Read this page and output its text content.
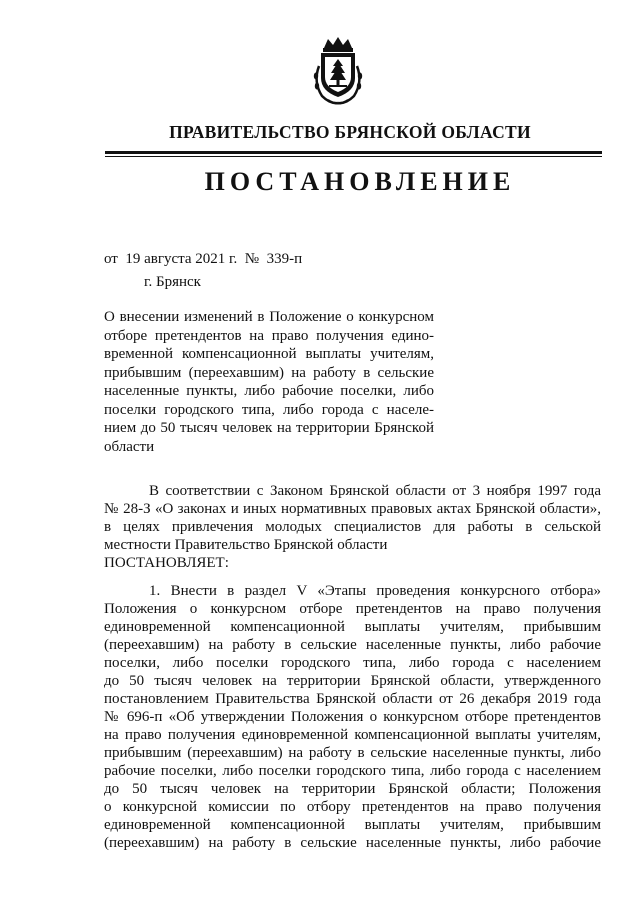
ПРАВИТЕЛЬСТВО БРЯНСКОЙ ОБЛАСТИ
ПОСТАНОВЛЕНИЕ
от  19 августа 2021 г.  №  339-п
г. Брянск
О внесении изменений в Положение о конкурсном
отборе претендентов на право получения едино-
временной компенсационной выплаты учителям,
прибывшим (переехавшим) на работу в сельские
населенные пункты, либо рабочие поселки, либо
поселки городского типа, либо города с населе-
нием до 50 тысяч человек на территории Брянской
области
В соответствии с Законом Брянской области от 3 ноября 1997 года
№ 28-З «О законах и иных нормативных правовых актах Брянской области»,
в целях привлечения молодых специалистов для работы в сельской
местности Правительство Брянской области
ПОСТАНОВЛЯЕТ:
1. Внести в раздел V «Этапы проведения конкурсного отбора»
Положения о конкурсном отборе претендентов на право получения
единовременной компенсационной выплаты учителям, прибывшим
(переехавшим) на работу в сельские населенные пункты, либо рабочие
поселки, либо поселки городского типа, либо города с населением
до 50 тысяч человек на территории Брянской области, утвержденного
постановлением Правительства Брянской области от 26 декабря 2019 года
№ 696-п «Об утверждении Положения о конкурсном отборе претендентов
на право получения единовременной компенсационной выплаты учителям,
прибывшим (переехавшим) на работу в сельские населенные пункты, либо
рабочие поселки, либо поселки городского типа, либо города с населением
до 50 тысяч человек на территории Брянской области; Положения
о конкурсной комиссии по отбору претендентов на право получения
единовременной компенсационной выплаты учителям, прибывшим
(переехавшим) на работу в сельские населенные пункты, либо рабочие
